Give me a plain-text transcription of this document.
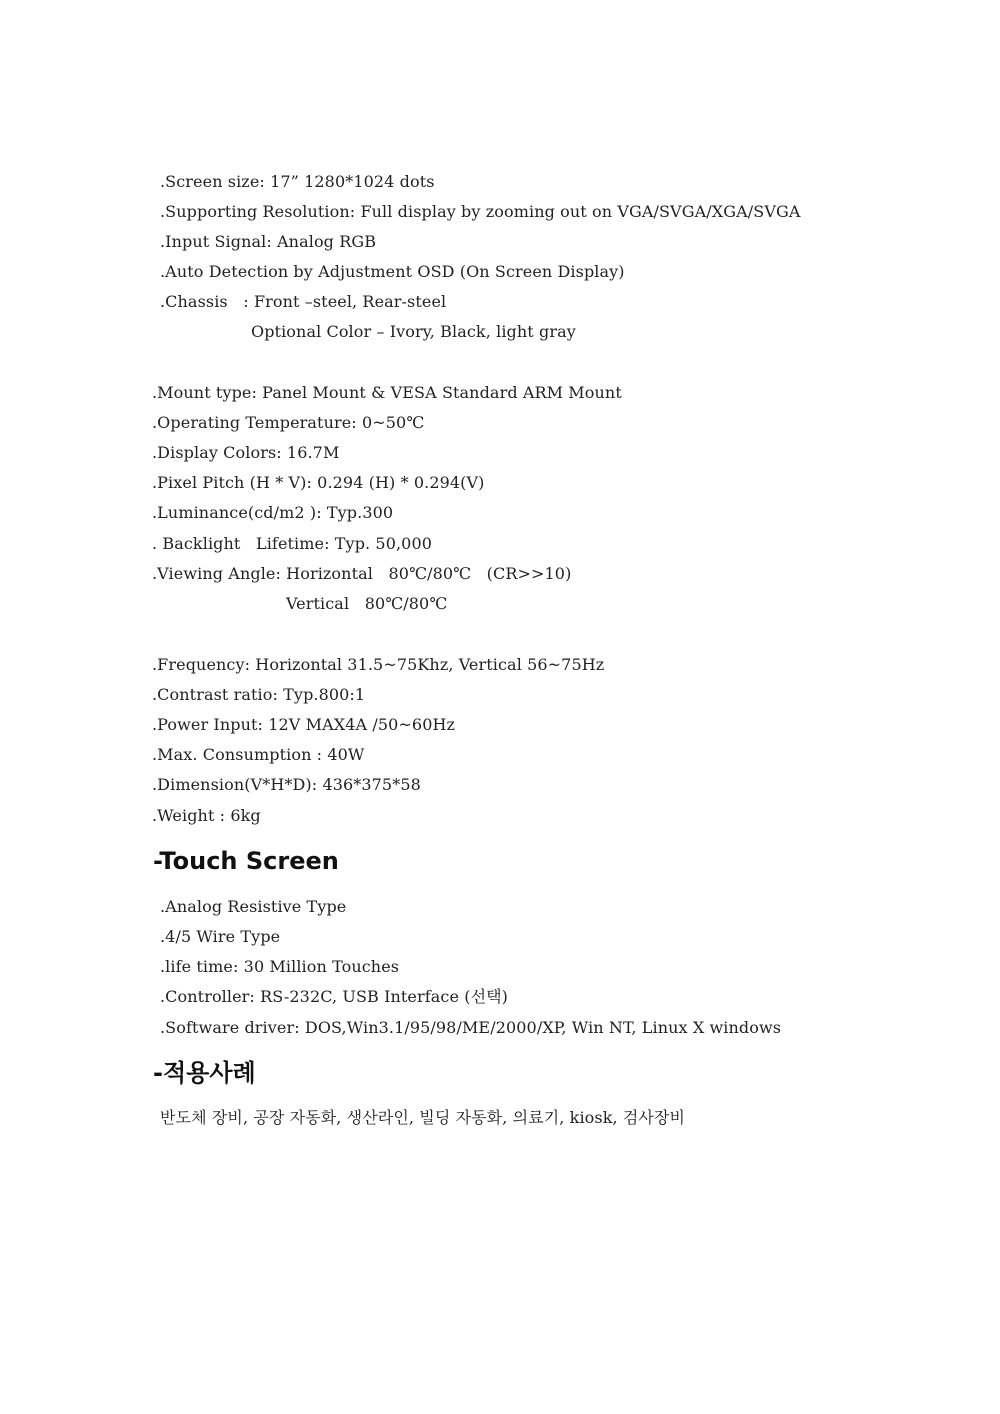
.Screen size: 17” 1280*1024 dots
.Supporting Resolution: Full display by zooming out on VGA/SVGA/XGA/SVGA
.Input Signal: Analog RGB
.Auto Detection by Adjustment OSD (On Screen Display)
.Chassis   : Front –steel, Rear-steel
Optional Color – Ivory, Black, light gray
.Mount type: Panel Mount & VESA Standard ARM Mount
.Operating Temperature: 0~50℃
.Display Colors: 16.7M
.Pixel Pitch (H * V): 0.294 (H) * 0.294(V)
.Luminance(cd/m2 ): Typ.300
. Backlight   Lifetime: Typ. 50,000
.Viewing Angle: Horizontal   80℃/80℃   (CR>>10)
Vertical   80℃/80℃
.Frequency: Horizontal 31.5~75Khz, Vertical 56~75Hz
.Contrast ratio: Typ.800:1
.Power Input: 12V MAX4A /50~60Hz
.Max. Consumption : 40W
.Dimension(V*H*D): 436*375*58
.Weight : 6kg
-Touch Screen
.Analog Resistive Type
.4/5 Wire Type
.life time: 30 Million Touches
.Controller: RS-232C, USB Interface (선택)
.Software driver: DOS,Win3.1/95/98/ME/2000/XP, Win NT, Linux X windows
-적용사례
반도체 장비, 공장 자동화, 생산라인, 빌딩 자동화, 의료기, kiosk, 검사장비
